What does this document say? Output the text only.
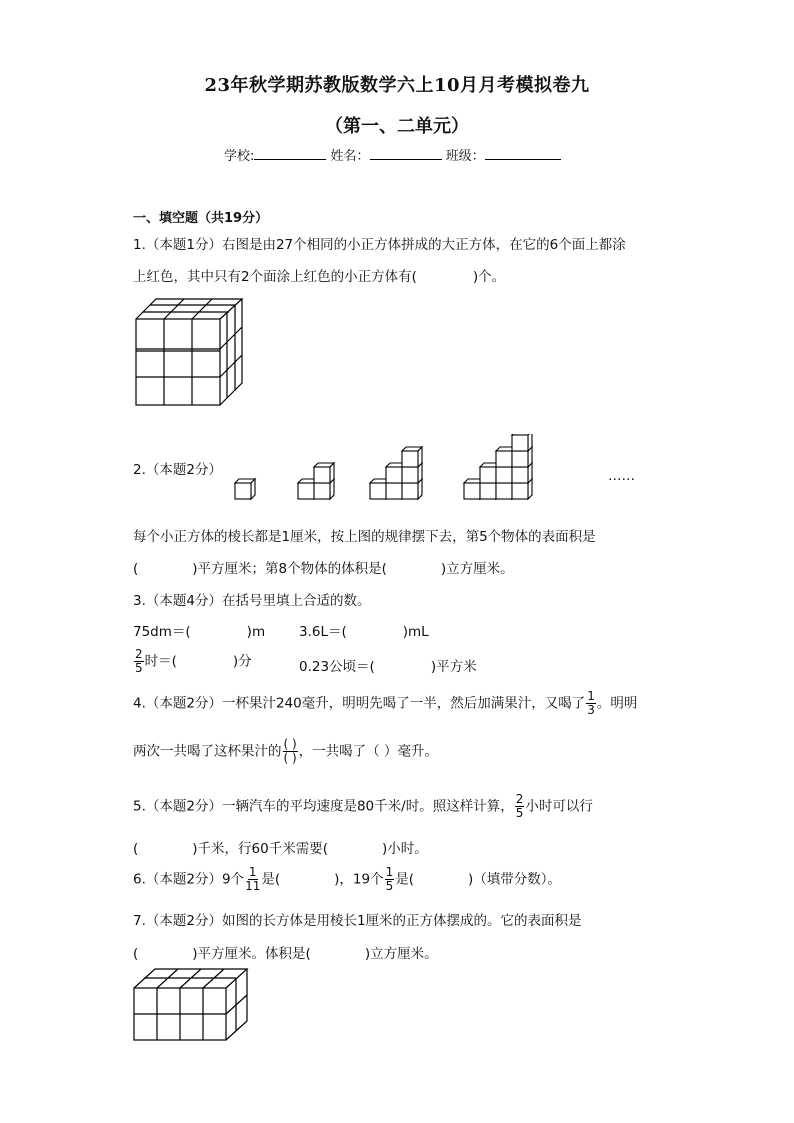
23年秋学期苏教版数学六上10月月考模拟卷九
（第一、二单元）
学校:	姓名：	班级：
一、填空题（共19分）
1.（本题1分）右图是由27个相同的小正方体拼成的大正方体，在它的6个面上都涂
上红色，其中只有2个面涂上红色的小正方体有(	)个。
2.（本题2分）	……
每个小正方体的棱长都是1厘米，按上图的规律摆下去，第5个物体的表面积是
(	)平方厘米；第8个物体的体积是(	)立方厘米。
3.（本题4分）在括号里填上合适的数。
75dm＝(	)m	3.6L＝(	)mL
$\frac{2}{5}$ 时＝(	)分	0.23公顷＝(	)平方米
4.（本题2分）一杯果汁240毫升，明明先喝了一半，然后加满果汁，又喝了 $\frac{1}{3}$ 。明明
两次一共喝了这杯果汁的 $\frac{( )}{( )}$ ，一共喝了（ ）毫升。
5.（本题2分）一辆汽车的平均速度是80千米/时。照这样计算， $\frac{2}{5}$ 小时可以行
(	)千米，行60千米需要(	)小时。
6.（本题2分）9个 $\frac{1}{11}$ 是(	)，19个 $\frac{1}{5}$ 是(	)（填带分数）。
7.（本题2分）如图的长方体是用棱长1厘米的正方体摆成的。它的表面积是
(	)平方厘米。体积是(	)立方厘米。
